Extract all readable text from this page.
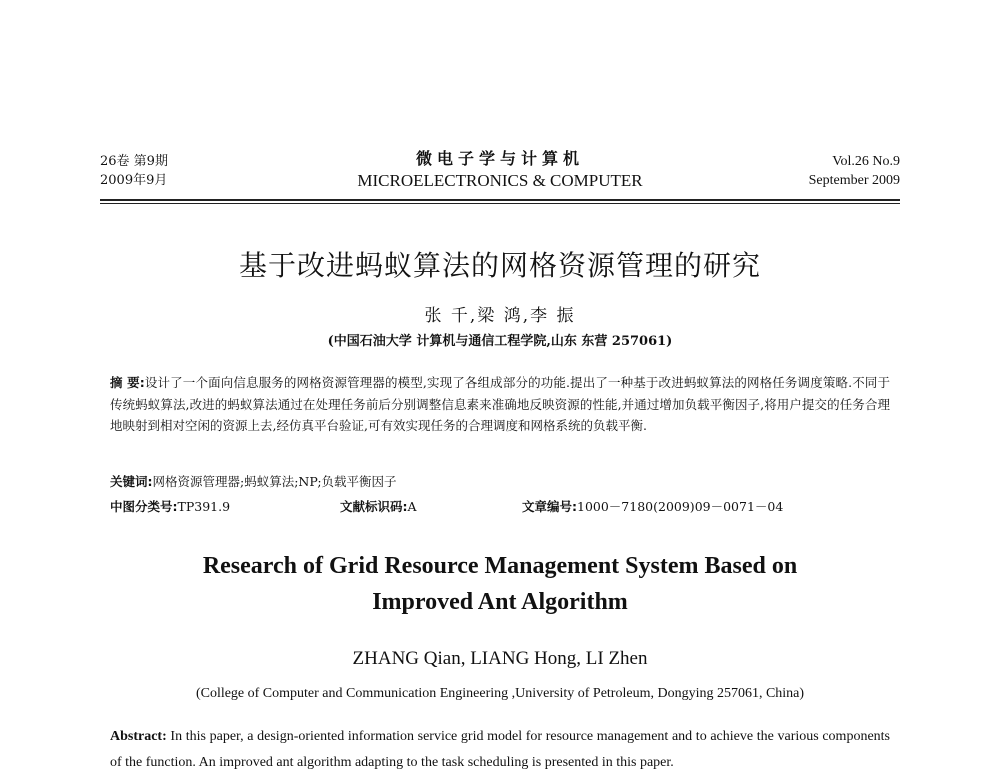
26卷 第9期
2009年9月
微电子学与计算机
MICROELECTRONICS & COMPUTER
Vol.26 No.9
September 2009
基于改进蚂蚁算法的网格资源管理的研究
张 千,梁 鸿,李 振
(中国石油大学 计算机与通信工程学院,山东 东营 257061)
摘 要:设计了一个面向信息服务的网格资源管理器的模型,实现了各组成部分的功能.提出了一种基于改进蚂蚁算法的网格任务调度策略.不同于传统蚂蚁算法,改进的蚂蚁算法通过在处理任务前后分别调整信息素来准确地反映资源的性能,并通过增加负载平衡因子,将用户提交的任务合理地映射到相对空闲的资源上去,经仿真平台验证,可有效实现任务的合理调度和网格系统的负载平衡.
关键词:网格资源管理器;蚂蚁算法;NP;负载平衡因子
中图分类号:TP391.9	文献标识码:A	文章编号:1000－7180(2009)09－0071－04
Research of Grid Resource Management System Based on
Improved Ant Algorithm
ZHANG Qian, LIANG Hong, LI Zhen
(College of Computer and Communication Engineering ,University of Petroleum, Dongying 257061, China)
Abstract: In this paper, a design-oriented information service grid model for resource management and to achieve the various components of the function. An improved ant algorithm adapting to the task scheduling is presented in this paper.
